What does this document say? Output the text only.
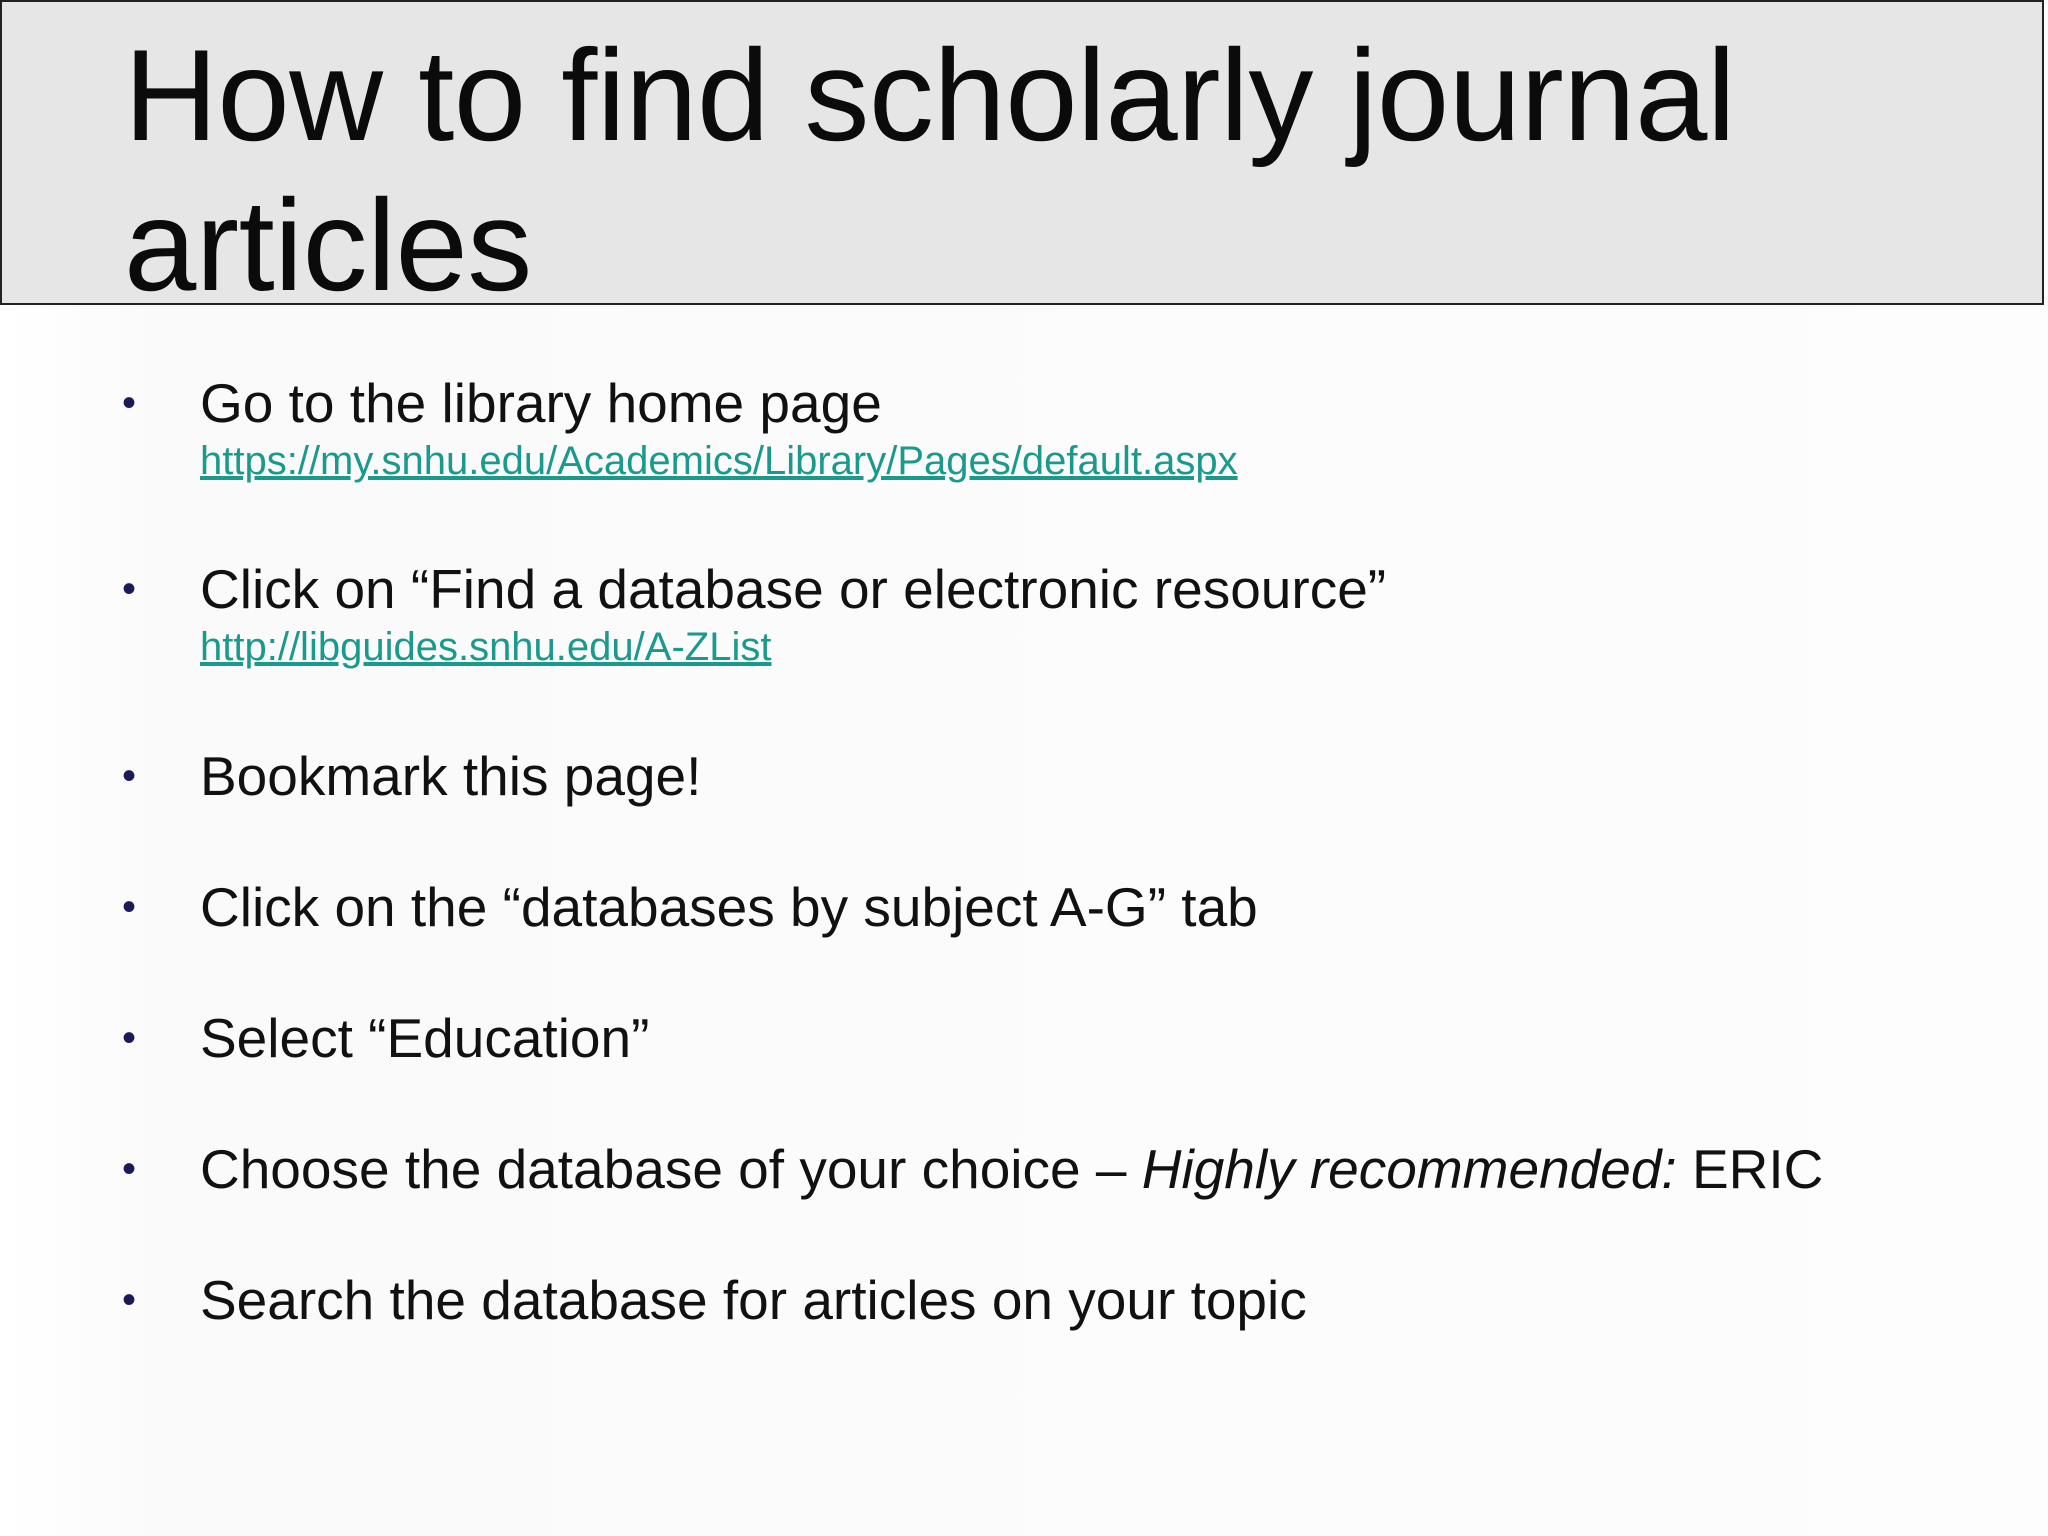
How to find scholarly journal articles
• Go to the library home page
https://my.snhu.edu/Academics/Library/Pages/default.aspx
• Click on “Find a database or electronic resource”
http://libguides.snhu.edu/A-ZList
• Bookmark this page!
• Click on the “databases by subject A-G” tab
• Select “Education”
• Choose the database of your choice – Highly recommended: ERIC
• Search the database for articles on your topic
